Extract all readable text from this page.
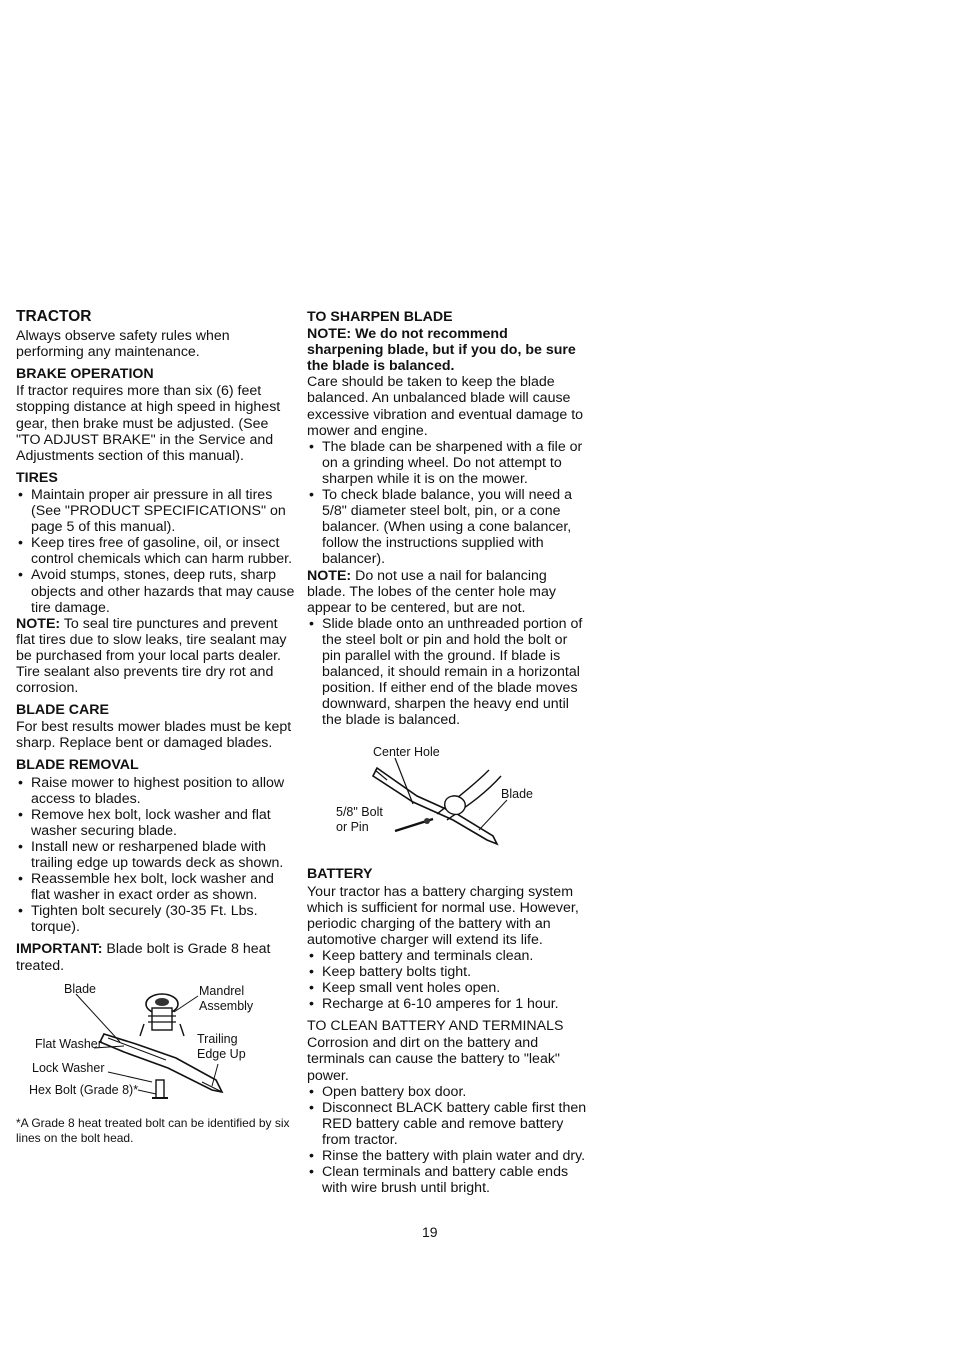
TRACTOR

Always observe safety rules when performing any maintenance.

BRAKE OPERATION

If tractor requires more than six (6) feet stopping distance at high speed in highest gear, then brake must be adjusted. (See "TO ADJUST BRAKE" in the Service and Adjustments section of this manual).

TIRES
• Maintain proper air pressure in all tires (See "PRODUCT SPECIFICATIONS" on page 5 of this manual).
• Keep tires free of gasoline, oil, or insect control chemicals which can harm rubber.
• Avoid stumps, stones, deep ruts, sharp objects and other hazards that may cause tire damage.

NOTE: To seal tire punctures and prevent flat tires due to slow leaks, tire sealant may be purchased from your local parts dealer. Tire sealant also prevents tire dry rot and corrosion.

BLADE CARE

For best results mower blades must be kept sharp. Replace bent or damaged blades.

BLADE REMOVAL
• Raise mower to highest position to allow access to blades.
• Remove hex bolt, lock washer and flat washer securing blade.
• Install new or resharpened blade with trailing edge up towards deck as shown.
• Reassemble hex bolt, lock washer and flat washer in exact order as shown.
• Tighten bolt securely (30-35 Ft. Lbs. torque).

IMPORTANT: Blade bolt is Grade 8 heat treated.

Blade	Mandrel
Assembly
Flat Washer	Trailing
Edge Up
Lock Washer
Hex Bolt (Grade 8)*
*A Grade 8 heat treated bolt can be identified by six lines on the bolt head.
TO SHARPEN BLADE

NOTE: We do not recommend sharpening blade, but if you do, be sure the blade is balanced.

Care should be taken to keep the blade balanced. An unbalanced blade will cause excessive vibration and eventual damage to mower and engine.

• The blade can be sharpened with a file or on a grinding wheel. Do not attempt to sharpen while it is on the mower.
• To check blade balance, you will need a 5/8" diameter steel bolt, pin, or a cone balancer. (When using a cone balancer, follow the instructions supplied with balancer).

NOTE: Do not use a nail for balancing blade. The lobes of the center hole may appear to be centered, but are not.

• Slide blade onto an unthreaded portion of the steel bolt or pin and hold the bolt or pin parallel with the ground. If blade is balanced, it should remain in a horizontal position. If either end of the blade moves downward, sharpen the heavy end until the blade is balanced.
Center Hole
Blade
5/8" Bolt
or Pin
BATTERY

Your tractor has a battery charging system which is sufficient for normal use. However, periodic charging of the battery with an automotive charger will extend its life.

• Keep battery and terminals clean.
• Keep battery bolts tight.
• Keep small vent holes open.
• Recharge at 6-10 amperes for 1 hour.
TO CLEAN BATTERY AND TERMINALS

Corrosion and dirt on the battery and terminals can cause the battery to "leak" power.

• Open battery box door.
• Disconnect BLACK battery cable first then RED battery cable and remove battery from tractor.
• Rinse the battery with plain water and dry.
• Clean terminals and battery cable ends with wire brush until bright.
19
